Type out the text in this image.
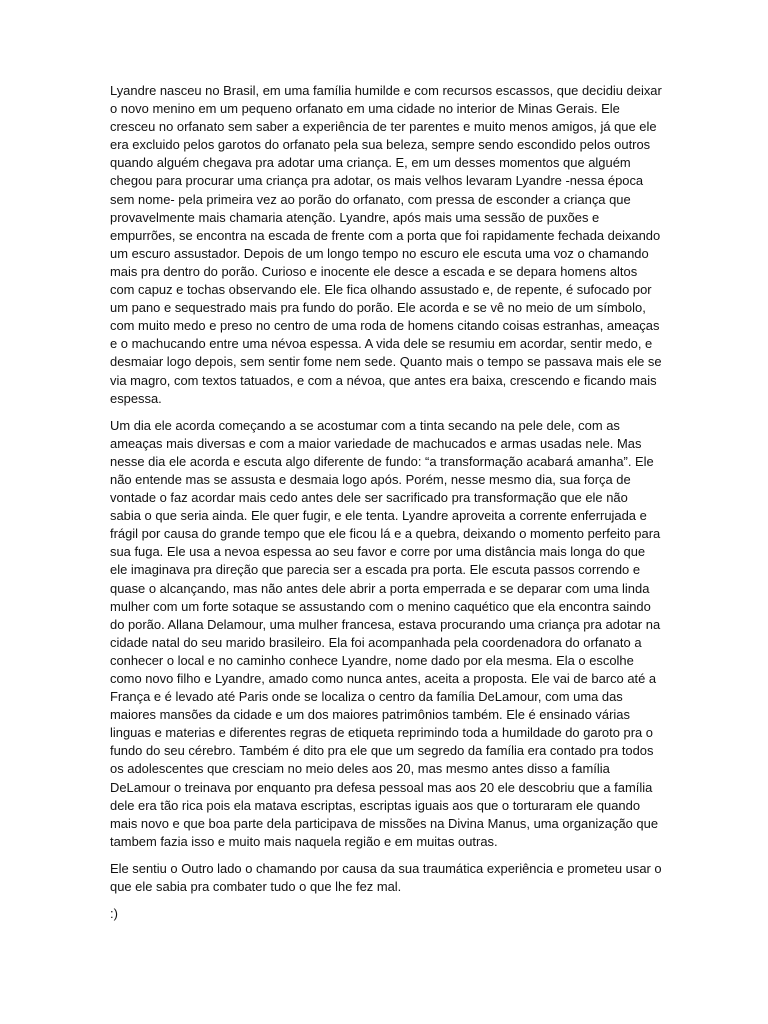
Lyandre nasceu no Brasil, em uma família humilde e com recursos escassos, que decidiu deixar o novo menino em um pequeno orfanato em uma cidade no interior de Minas Gerais. Ele cresceu no orfanato sem saber a experiência de ter parentes e muito menos amigos, já que ele era excluido pelos garotos do orfanato pela sua beleza, sempre sendo escondido pelos outros quando alguém chegava pra adotar uma criança. E, em um desses momentos que alguém chegou para procurar uma criança pra adotar, os mais velhos levaram Lyandre -nessa época sem nome- pela primeira vez ao porão do orfanato, com pressa de esconder a criança que provavelmente mais chamaria atenção. Lyandre, após mais uma sessão de puxões e empurrões, se encontra na escada de frente com a porta que foi rapidamente fechada deixando um escuro assustador. Depois de um longo tempo no escuro ele escuta uma voz o chamando mais pra dentro do porão. Curioso e inocente ele desce a escada e se depara homens altos com capuz e tochas observando ele. Ele fica olhando assustado e, de repente, é sufocado por um pano e sequestrado mais pra fundo do porão. Ele acorda e se vê no meio de um símbolo, com muito medo e preso no centro de uma roda de homens citando coisas estranhas, ameaças e o machucando entre uma névoa espessa. A vida dele se resumiu em acordar, sentir medo, e desmaiar logo depois, sem sentir fome nem sede. Quanto mais o tempo se passava mais ele se via magro, com textos tatuados, e com a névoa, que antes era baixa, crescendo e ficando mais espessa.

Um dia ele acorda começando a se acostumar com a tinta secando na pele dele, com as ameaças mais diversas e com a maior variedade de machucados e armas usadas nele. Mas nesse dia ele acorda e escuta algo diferente de fundo: “a transformação acabará amanha”. Ele não entende mas se assusta e desmaia logo após. Porém, nesse mesmo dia, sua força de vontade o faz acordar mais cedo antes dele ser sacrificado pra transformação que ele não sabia o que seria ainda. Ele quer fugir, e ele tenta. Lyandre aproveita a corrente enferrujada e frágil por causa do grande tempo que ele ficou lá e a quebra, deixando o momento perfeito para sua fuga. Ele usa a nevoa espessa ao seu favor e corre por uma distância mais longa do que ele imaginava pra direção que parecia ser a escada pra porta. Ele escuta passos correndo e quase o alcançando, mas não antes dele abrir a porta emperrada e se deparar com uma linda mulher com um forte sotaque se assustando com o menino caquético que ela encontra saindo do porão. Allana Delamour, uma mulher francesa, estava procurando uma criança pra adotar na cidade natal do seu marido brasileiro. Ela foi acompanhada pela coordenadora do orfanato a conhecer o local e no caminho conhece Lyandre, nome dado por ela mesma. Ela o escolhe como novo filho e Lyandre, amado como nunca antes, aceita a proposta. Ele vai de barco até a França e é levado até Paris onde se localiza o centro da família DeLamour, com uma das maiores mansões da cidade e um dos maiores patrimônios também. Ele é ensinado várias linguas e materias e diferentes regras de etiqueta reprimindo toda a humildade do garoto pra o fundo do seu cérebro. Também é dito pra ele que um segredo da família era contado pra todos os adolescentes que cresciam no meio deles aos 20, mas mesmo antes disso a família DeLamour o treinava por enquanto pra defesa pessoal mas aos 20 ele descobriu que a família dele era tão rica pois ela matava escriptas, escriptas iguais aos que o torturaram ele quando mais novo e que boa parte dela participava de missões na Divina Manus, uma organização que tambem fazia isso e muito mais naquela região e em muitas outras.

Ele sentiu o Outro lado o chamando por causa da sua traumática experiência e prometeu usar o que ele sabia pra combater tudo o que lhe fez mal.

:)
